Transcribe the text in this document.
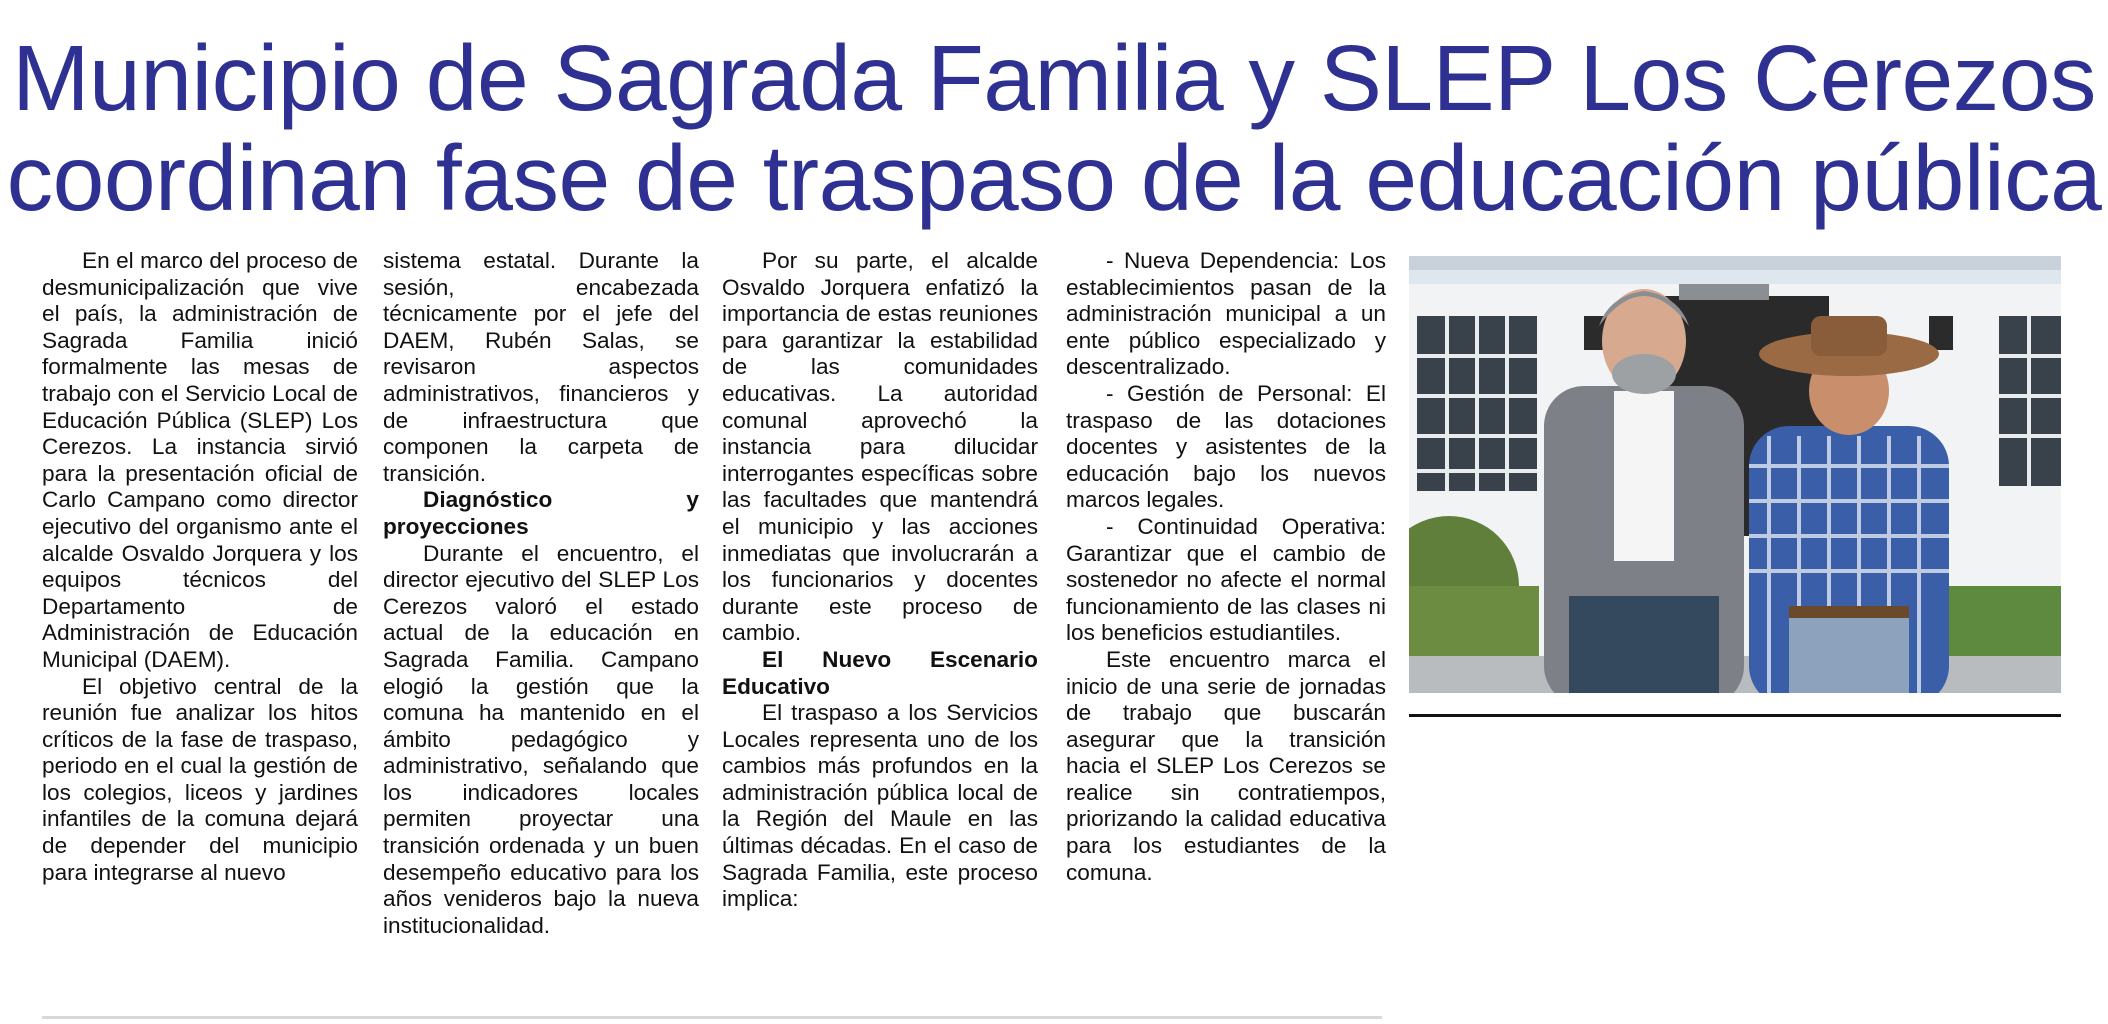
Municipio de Sagrada Familia y SLEP Los Cerezos
coordinan fase de traspaso de la educación pública

En el marco del proceso de desmunicipalización que vive el país, la administración de Sagrada Familia inició formalmente las mesas de trabajo con el Servicio Local de Educación Pública (SLEP) Los Cerezos. La instancia sirvió para la presentación oficial de Carlo Campano como director ejecutivo del organismo ante el alcalde Osvaldo Jorquera y los equipos técnicos del Departamento de Administración de Educación Municipal (DAEM).

El objetivo central de la reunión fue analizar los hitos críticos de la fase de traspaso, periodo en el cual la gestión de los colegios, liceos y jardines infantiles de la comuna dejará de depender del municipio para integrarse al nuevo

sistema estatal. Durante la sesión, encabezada técnicamente por el jefe del DAEM, Rubén Salas, se revisaron aspectos administrativos, financieros y de infraestructura que componen la carpeta de transición.

Diagnóstico y proyecciones

Durante el encuentro, el director ejecutivo del SLEP Los Cerezos valoró el estado actual de la educación en Sagrada Familia. Campano elogió la gestión que la comuna ha mantenido en el ámbito pedagógico y administrativo, señalando que los indicadores locales permiten proyectar una transición ordenada y un buen desempeño educativo para los años venideros bajo la nueva institucionalidad.

Por su parte, el alcalde Osvaldo Jorquera enfatizó la importancia de estas reuniones para garantizar la estabilidad de las comunidades educativas. La autoridad comunal aprovechó la instancia para dilucidar interrogantes específicas sobre las facultades que mantendrá el municipio y las acciones inmediatas que involucrarán a los funcionarios y docentes durante este proceso de cambio.

El Nuevo Escenario Educativo

El traspaso a los Servicios Locales representa uno de los cambios más profundos en la administración pública local de la Región del Maule en las últimas décadas. En el caso de Sagrada Familia, este proceso implica:

- Nueva Dependencia: Los establecimientos pasan de la administración municipal a un ente público especializado y descentralizado.

- Gestión de Personal: El traspaso de las dotaciones docentes y asistentes de la educación bajo los nuevos marcos legales.

- Continuidad Operativa: Garantizar que el cambio de sostenedor no afecte el normal funcionamiento de las clases ni los beneficios estudiantiles.

Este encuentro marca el inicio de una serie de jornadas de trabajo que buscarán asegurar que la transición hacia el SLEP Los Cerezos se realice sin contratiempos, priorizando la calidad educativa para los estudiantes de la comuna.
